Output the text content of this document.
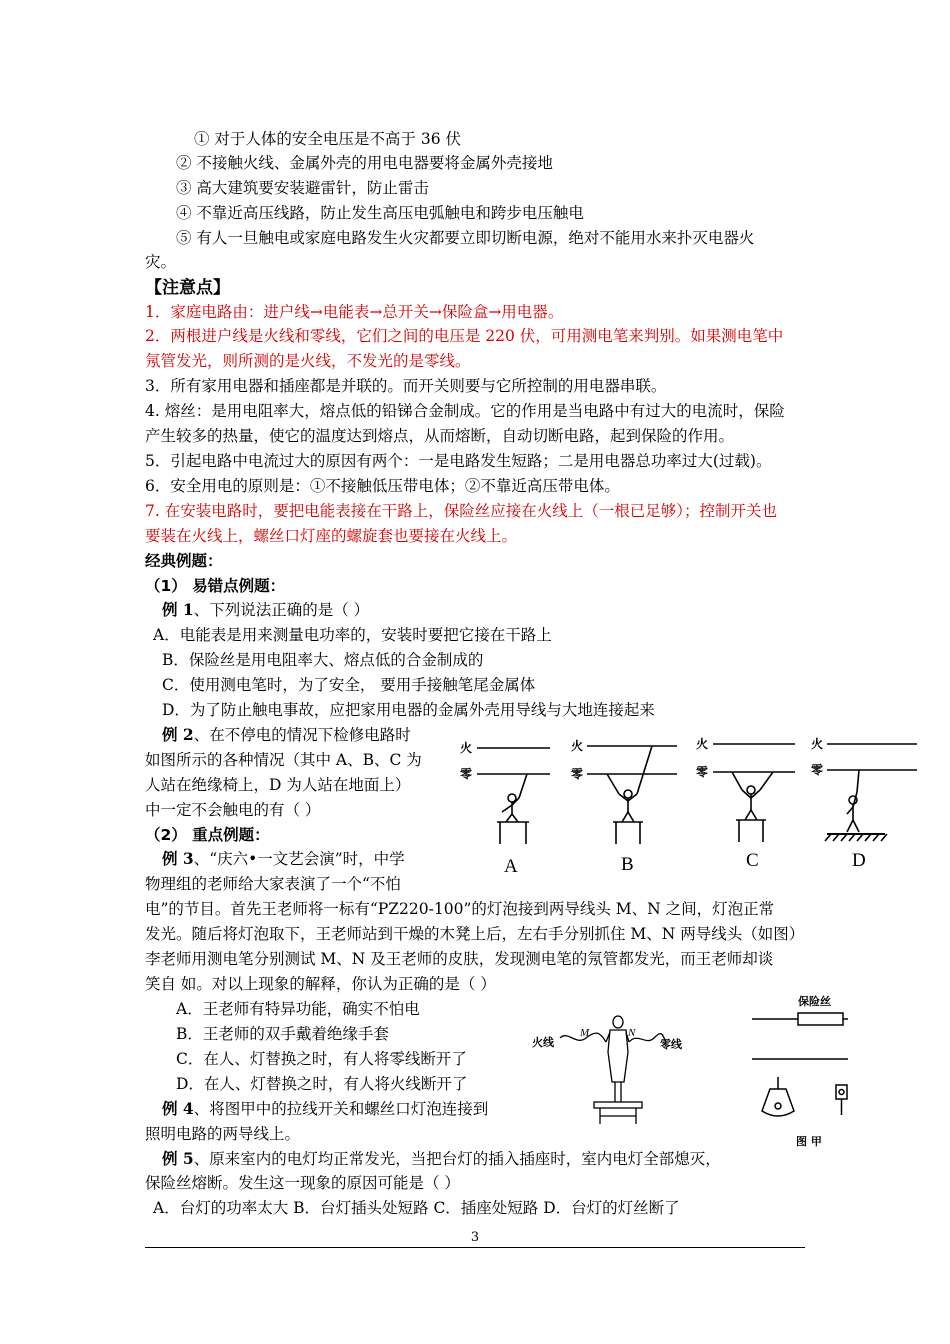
① 对于人体的安全电压是不高于 36 伏
② 不接触火线、金属外壳的用电电器要将金属外壳接地
③ 高大建筑要安装避雷针，防止雷击
④ 不靠近高压线路，防止发生高压电弧触电和跨步电压触电
⑤ 有人一旦触电或家庭电路发生火灾都要立即切断电源，绝对不能用水来扑灭电器火
灾。
【注意点】
1．家庭电路由：进户线→电能表→总开关→保险盒→用电器。
2．两根进户线是火线和零线，它们之间的电压是 220 伏，可用测电笔来判别。如果测电笔中
氖管发光，则所测的是火线，不发光的是零线。
3．所有家用电器和插座都是并联的。而开关则要与它所控制的用电器串联。
4. 熔丝：是用电阻率大，熔点低的铅锑合金制成。它的作用是当电路中有过大的电流时，保险
产生较多的热量，使它的温度达到熔点，从而熔断，自动切断电路，起到保险的作用。
5．引起电路中电流过大的原因有两个：一是电路发生短路；二是用电器总功率过大(过载)。
6．安全用电的原则是：①不接触低压带电体；②不靠近高压带电体。
7. 在安装电路时，要把电能表接在干路上，保险丝应接在火线上（一根已足够）；控制开关也
要装在火线上，螺丝口灯座的螺旋套也要接在火线上。
经典例题：
（1） 易错点例题：
例 1、下列说法正确的是（ ）
A．电能表是用来测量电功率的，安装时要把它接在干路上
B．保险丝是用电阻率大、熔点低的合金制成的
C．使用测电笔时，为了安全， 要用手接触笔尾金属体
D．为了防止触电事故，应把家用电器的金属外壳用导线与大地连接起来
例 2、在不停电的情况下检修电路时
如图所示的各种情况（其中 A、B、C 为
人站在绝缘椅上，D 为人站在地面上）
中一定不会触电的有（ ）
（2） 重点例题：
例 3、“庆六•一文艺会演”时，中学
物理组的老师给大家表演了一个“不怕
电”的节目。首先王老师将一标有“PZ220-100”的灯泡接到两导线头 M、N 之间，灯泡正常
发光。随后将灯泡取下，王老师站到干燥的木凳上后，左右手分别抓住 M、N 两导线头（如图）
李老师用测电笔分别测试 M、N 及王老师的皮肤，发现测电笔的氖管都发光，而王老师却谈
笑自 如。对以上现象的解释，你认为正确的是（ ）
A．王老师有特异功能，确实不怕电
B．王老师的双手戴着绝缘手套
C．在人、灯替换之时，有人将零线断开了
D．在人、灯替换之时，有人将火线断开了
例 4、将图甲中的拉线开关和螺丝口灯泡连接到
照明电路的两导线上。
例 5、原来室内的电灯均正常发光，当把台灯的插入插座时，室内电灯全部熄灭，
保险丝熔断。发生这一现象的原因可能是（ ）
A．台灯的功率太大 B．台灯插头处短路 C．插座处短路 D．台灯的灯丝断了
火
零
A
火
零
B
火
零
C
火
零
D
火线
M	N
零线
保险丝
图 甲
3
